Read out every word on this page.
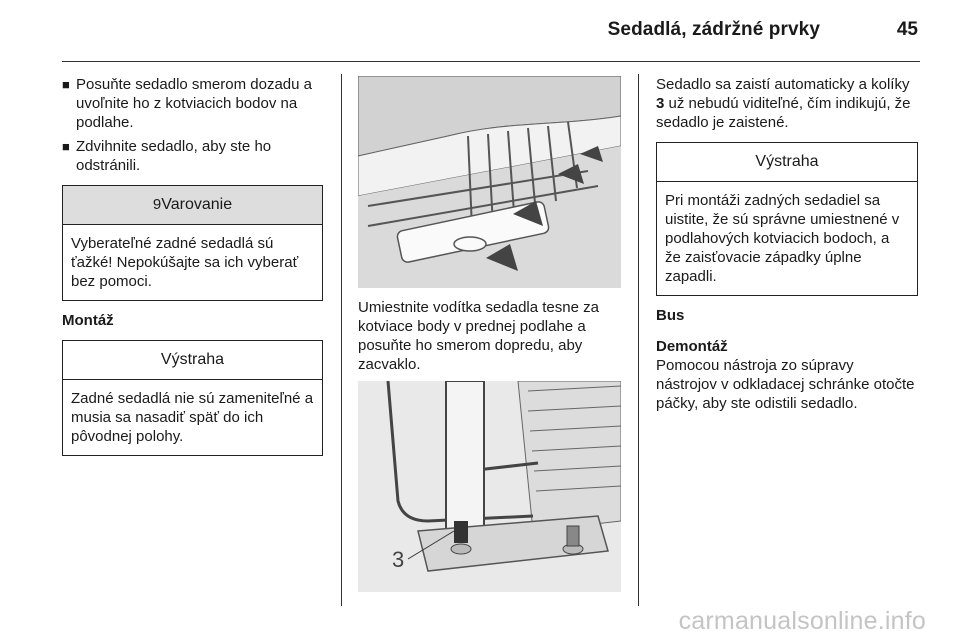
Sedadlá, zádržné prvky	45
■ Posuňte sedadlo smerom dozadu a uvoľnite ho z kotviacich bodov na podlahe.
■ Zdvihnite sedadlo, aby ste ho odstránili.
9Varovanie
Vyberateľné zadné sedadlá sú ťažké! Nepokúšajte sa ich vyberať bez pomoci.

Montáž

Výstraha
Zadné sedadlá nie sú zameniteľné a musia sa nasadiť späť do ich pôvodnej polohy.

Umiestnite vodítka sedadla tesne za kotviace body v prednej podlahe a posuňte ho smerom dopredu, aby zacvaklo.

3

Sedadlo sa zaistí automaticky a kolíky 3 už nebudú viditeľné, čím indikujú, že sedadlo je zaistené.

Výstraha
Pri montáži zadných sedadiel sa uistite, že sú správne umiestnené v podlahových kotviacich bodoch, a že zaisťovacie západky úplne zapadli.

Bus

Demontáž

Pomocou nástroja zo súpravy nástrojov v odkladacej schránke otočte páčky, aby ste odistili sedadlo.

carmanualsonline.info
